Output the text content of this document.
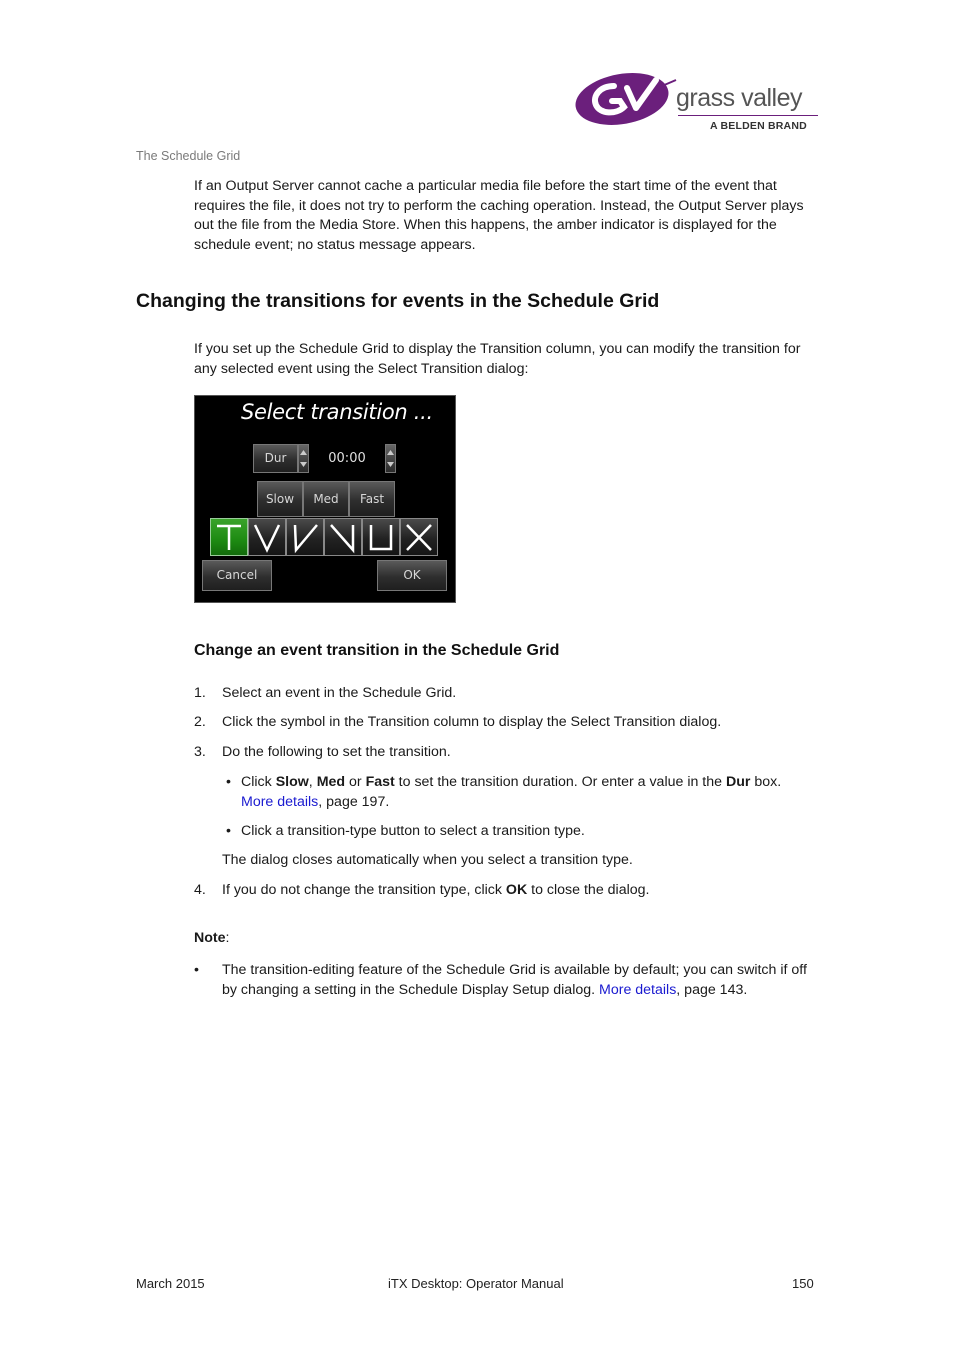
grass valley
A BELDEN BRAND
The Schedule Grid
If an Output Server cannot cache a particular media file before the start time of the event that requires the file, it does not try to perform the caching operation. Instead, the Output Server plays out the file from the Media Store. When this happens, the amber indicator is displayed for the schedule event; no status message appears.
Changing the transitions for events in the Schedule Grid
If you set up the Schedule Grid to display the Transition column, you can modify the transition for any selected event using the Select Transition dialog:
Select transition ...
Dur	00:00
Slow	Med	Fast
Cancel	OK
Change an event transition in the Schedule Grid
1. Select an event in the Schedule Grid.
2. Click the symbol in the Transition column to display the Select Transition dialog.
3. Do the following to set the transition.
• Click Slow, Med or Fast to set the transition duration. Or enter a value in the Dur box.
More details, page 197.
• Click a transition-type button to select a transition type.
The dialog closes automatically when you select a transition type.
4. If you do not change the transition type, click OK to close the dialog.
Note:
• The transition-editing feature of the Schedule Grid is available by default; you can switch if off by changing a setting in the Schedule Display Setup dialog. More details, page 143.
March 2015	iTX Desktop: Operator Manual	150
